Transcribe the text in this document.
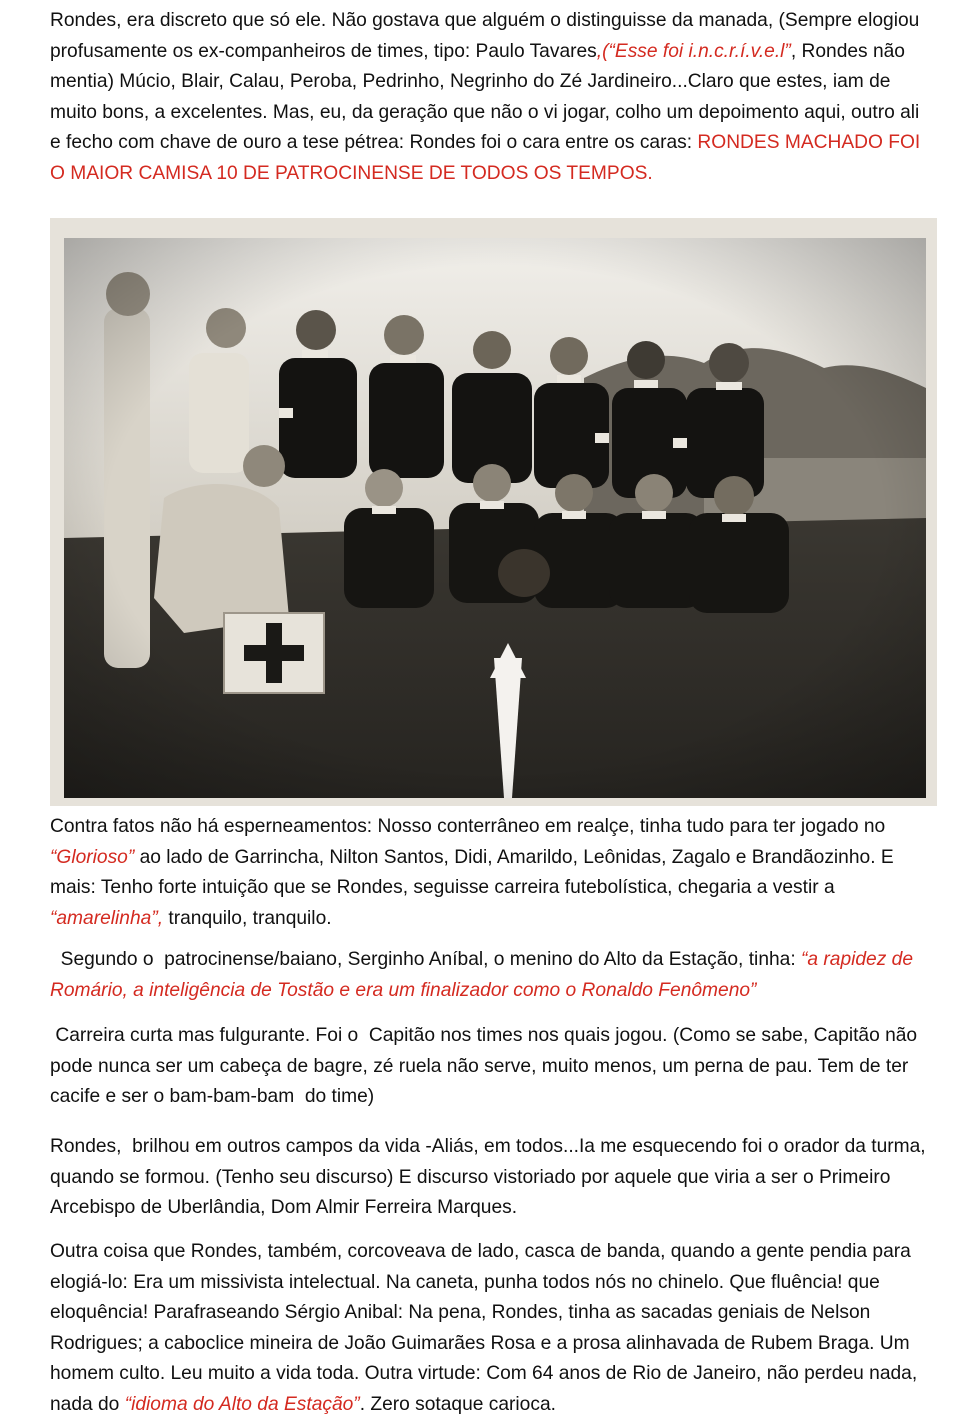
Rondes, era discreto que só ele. Não gostava que alguém o distinguisse da manada, (Sempre elogiou profusamente os ex-companheiros de times, tipo: Paulo Tavares,(“Esse foi i.n.c.r.í.v.e.l”, Rondes não mentia) Múcio, Blair, Calau, Peroba, Pedrinho, Negrinho do Zé Jardineiro...Claro que estes, iam de muito bons, a excelentes. Mas, eu, da geração que não o vi jogar, colho um depoimento aqui, outro ali e fecho com chave de ouro a tese pétrea: Rondes foi o cara entre os caras: RONDES MACHADO FOI O MAIOR CAMISA 10 DE PATROCINENSE DE TODOS OS TEMPOS.

Contra fatos não há esperneamentos: Nosso conterrâneo em realçe, tinha tudo para ter jogado no “Glorioso” ao lado de Garrincha, Nilton Santos, Didi, Amarildo, Leônidas, Zagalo e Brandãozinho. E mais: Tenho forte intuição que se Rondes, seguisse carreira futebolística, chegaria a vestir a “amarelinha”, tranquilo, tranquilo.

Segundo o  patrocinense/baiano, Serginho Aníbal, o menino do Alto da Estação, tinha: “a rapidez de Romário, a inteligência de Tostão e era um finalizador como o Ronaldo Fenômeno”

Carreira curta mas fulgurante. Foi o  Capitão nos times nos quais jogou. (Como se sabe, Capitão não pode nunca ser um cabeça de bagre, zé ruela não serve, muito menos, um perna de pau. Tem de ter cacife e ser o bam-bam-bam  do time)

Rondes,  brilhou em outros campos da vida -Aliás, em todos...Ia me esquecendo foi o orador da turma, quando se formou. (Tenho seu discurso) E discurso vistoriado por aquele que viria a ser o Primeiro Arcebispo de Uberlândia, Dom Almir Ferreira Marques.

Outra coisa que Rondes, também, corcoveava de lado, casca de banda, quando a gente pendia para elogiá-lo: Era um missivista intelectual. Na caneta, punha todos nós no chinelo. Que fluência! que eloquência! Parafraseando Sérgio Anibal: Na pena, Rondes, tinha as sacadas geniais de Nelson Rodrigues; a caboclice mineira de João Guimarães Rosa e a prosa alinhavada de Rubem Braga. Um homem culto. Leu muito a vida toda. Outra virtude: Com 64 anos de Rio de Janeiro, não perdeu nada, nada do “idioma do Alto da Estação”. Zero sotaque carioca.
